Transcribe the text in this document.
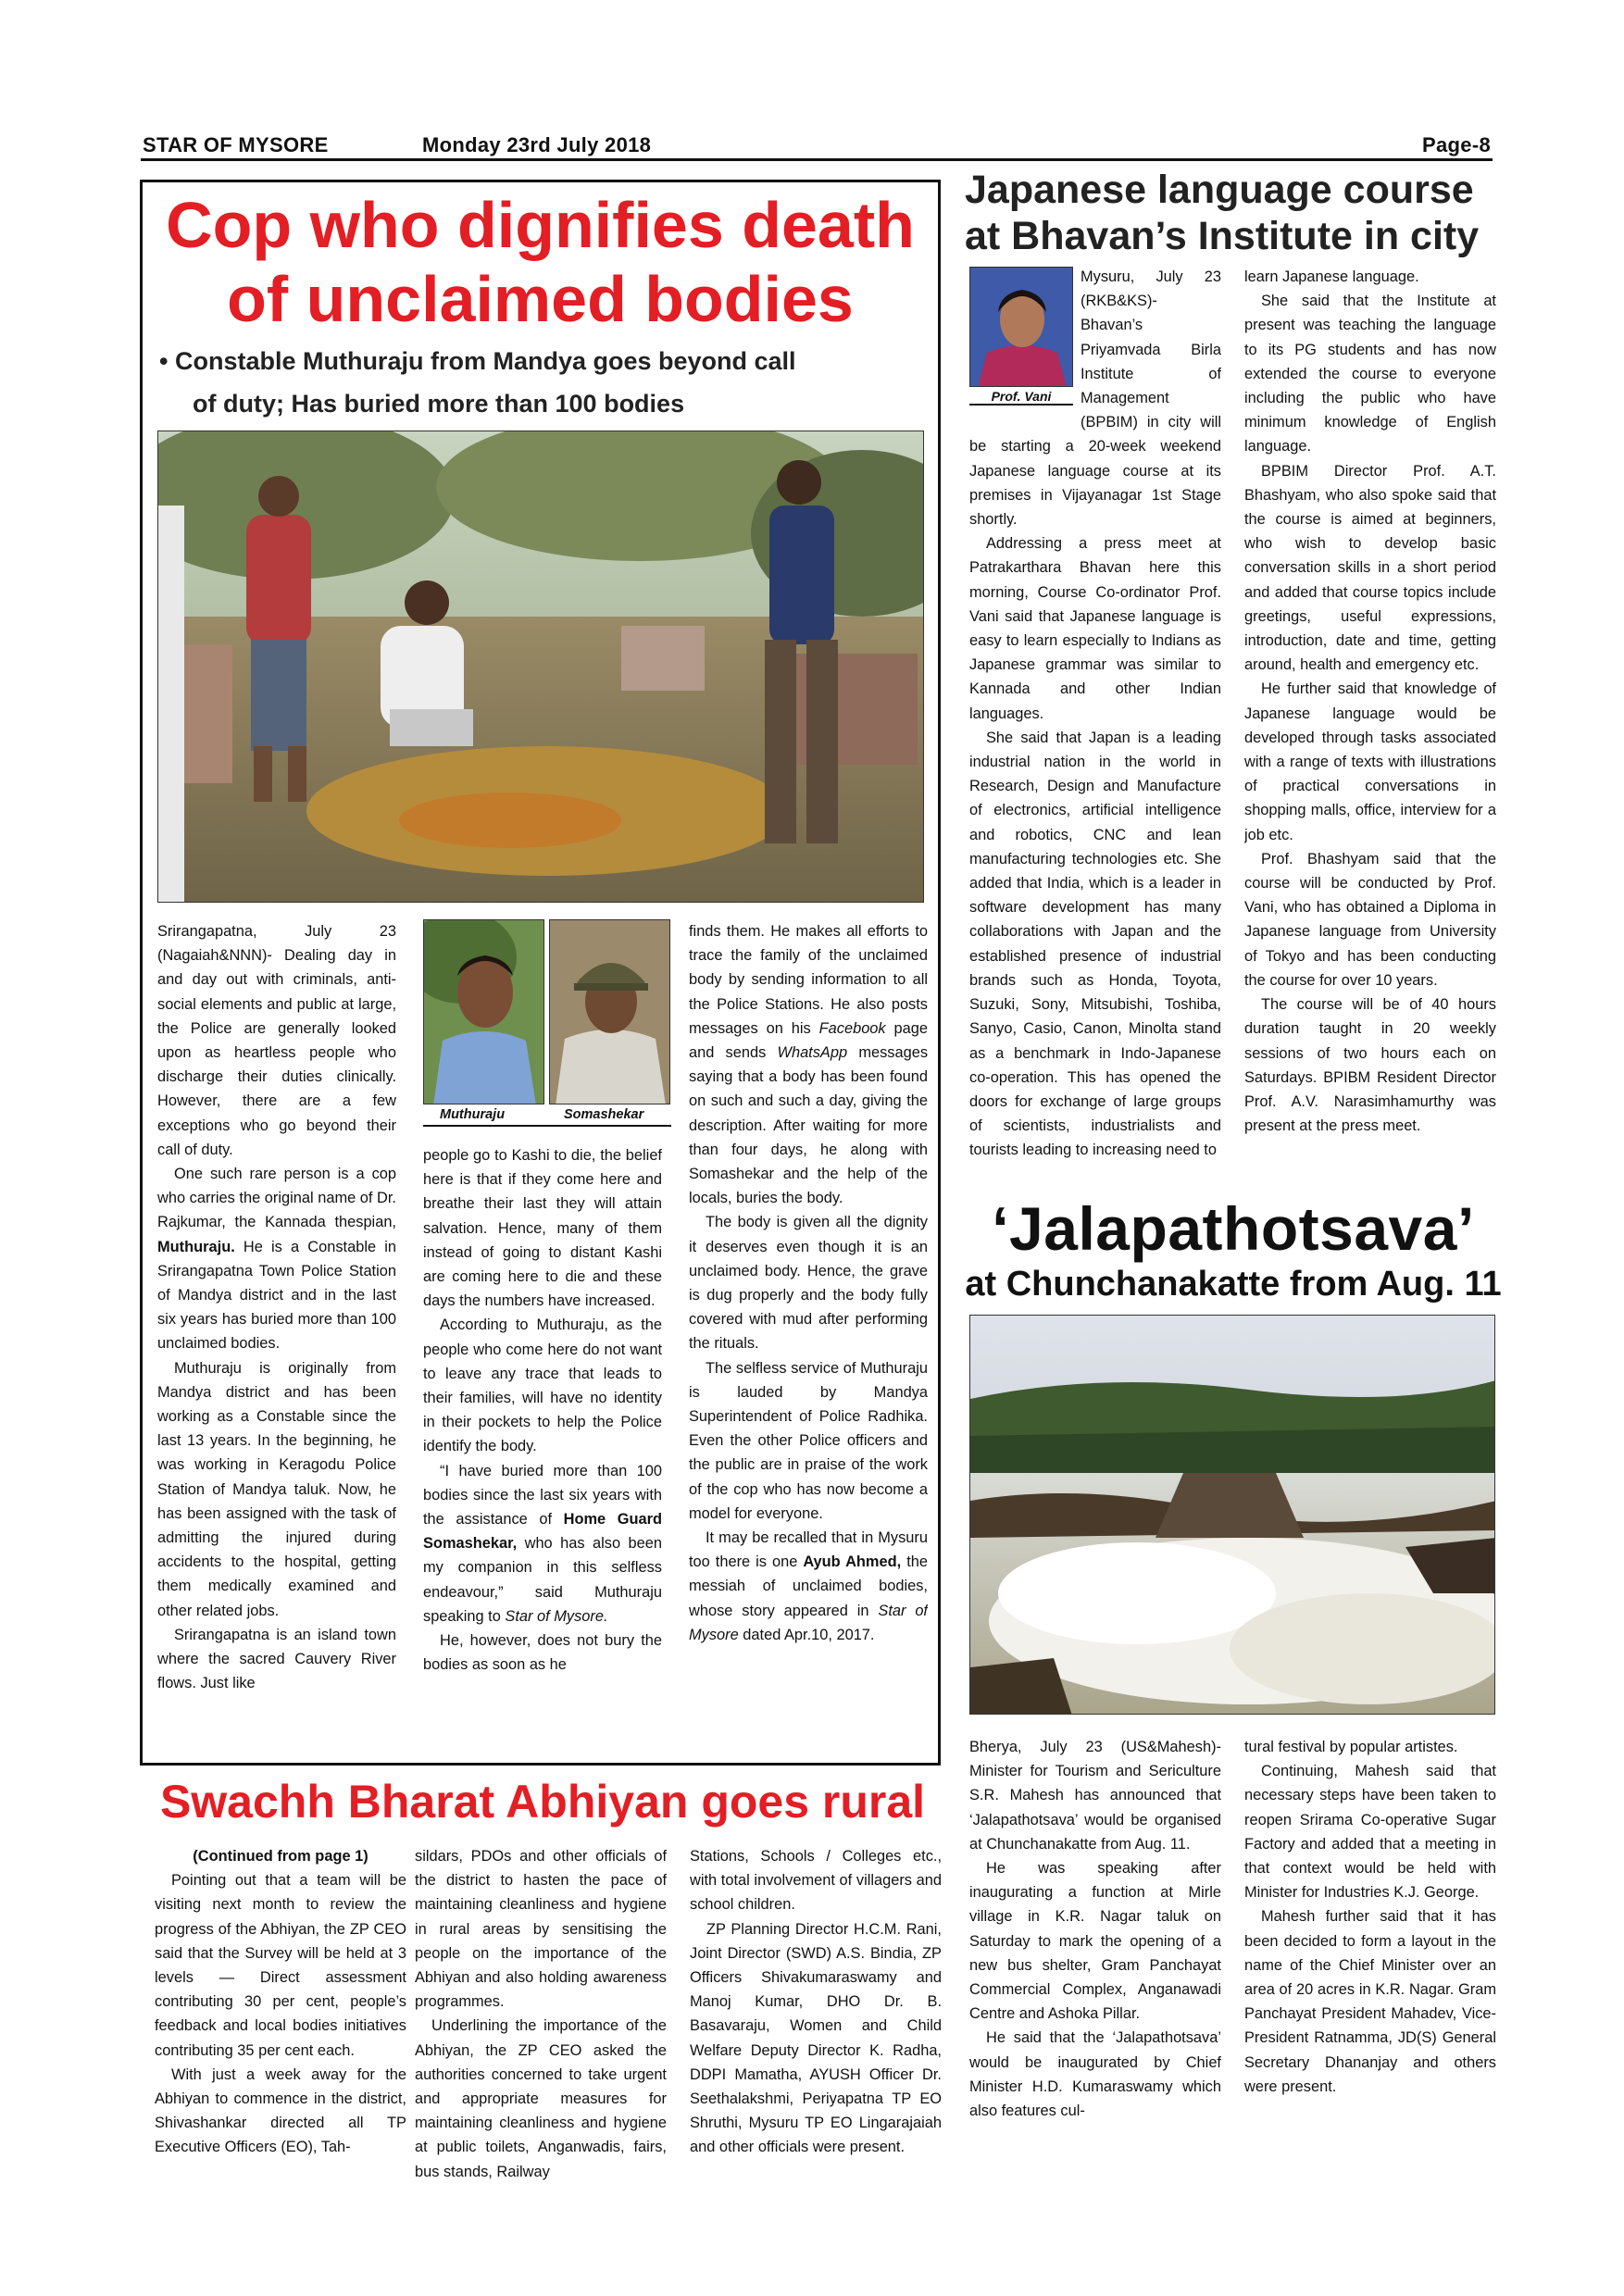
STAR OF MYSORE	Monday 23rd July 2018	Page-8
Cop who dignifies death
of unclaimed bodies
• Constable Muthuraju from Mandya goes beyond call
of duty; Has buried more than 100 bodies

Srirangapatna, July 23 (Nagaiah&NNN)- Dealing day in and day out with criminals, anti-social elements and public at large, the Police are generally looked upon as heartless people who discharge their duties clinically. However, there are a few exceptions who go beyond their call of duty.

One such rare person is a cop who carries the original name of Dr. Rajkumar, the Kannada thespian, Muthuraju. He is a Constable in Srirangapatna Town Police Station of Mandya district and in the last six years has buried more than 100 unclaimed bodies.

Muthuraju is originally from Mandya district and has been working as a Constable since the last 13 years. In the beginning, he was working in Keragodu Police Station of Mandya taluk. Now, he has been assigned with the task of admitting the injured during accidents to the hospital, getting them medically examined and other related jobs.

Srirangapatna is an island town where the sacred Cauvery River flows. Just like

Muthuraju	Somashekar

people go to Kashi to die, the belief here is that if they come here and breathe their last they will attain salvation. Hence, many of them instead of going to distant Kashi are coming here to die and these days the numbers have increased.

According to Muthuraju, as the people who come here do not want to leave any trace that leads to their families, will have no identity in their pockets to help the Police identify the body.

“I have buried more than 100 bodies since the last six years with the assistance of Home Guard Somashekar, who has also been my companion in this selfless endeavour,” said Muthuraju speaking to Star of Mysore.

He, however, does not bury the bodies as soon as he

finds them. He makes all efforts to trace the family of the unclaimed body by sending information to all the Police Stations. He also posts messages on his Facebook page and sends WhatsApp messages saying that a body has been found on such and such a day, giving the description. After waiting for more than four days, he along with Somashekar and the help of the locals, buries the body.

The body is given all the dignity it deserves even though it is an unclaimed body. Hence, the grave is dug properly and the body fully covered with mud after performing the rituals.

The selfless service of Muthuraju is lauded by Mandya Superintendent of Police Radhika. Even the other Police officers and the public are in praise of the work of the cop who has now become a model for everyone.

It may be recalled that in Mysuru too there is one Ayub Ahmed, the messiah of unclaimed bodies, whose story appeared in Star of Mysore dated Apr.10, 2017.

Japanese language course at Bhavan’s Institute in city
Prof. Vani

Mysuru, July 23 (RKB&KS)- Bhavan’s Priyamvada Birla Institute of Management (BPBIM) in city will be starting a 20-week weekend Japanese language course at its premises in Vijayanagar 1st Stage shortly.

Addressing a press meet at Patrakarthara Bhavan here this morning, Course Co-ordinator Prof. Vani said that Japanese language is easy to learn especially to Indians as Japanese grammar was similar to Kannada and other Indian languages.

She said that Japan is a leading industrial nation in the world in Research, Design and Manufacture of electronics, artificial intelligence and robotics, CNC and lean manufacturing technologies etc. She added that India, which is a leader in software development has many collaborations with Japan and the established presence of industrial brands such as Honda, Toyota, Suzuki, Sony, Mitsubishi, Toshiba, Sanyo, Casio, Canon, Minolta stand as a benchmark in Indo-Japanese co-operation. This has opened the doors for exchange of large groups of scientists, industrialists and tourists leading to increasing need to

learn Japanese language.

She said that the Institute at present was teaching the language to its PG students and has now extended the course to everyone including the public who have minimum knowledge of English language.

BPBIM Director Prof. A.T. Bhashyam, who also spoke said that the course is aimed at beginners, who wish to develop basic conversation skills in a short period and added that course topics include greetings, useful expressions, introduction, date and time, getting around, health and emergency etc.

He further said that knowledge of Japanese language would be developed through tasks associated with a range of texts with illustrations of practical conversations in shopping malls, office, interview for a job etc.

Prof. Bhashyam said that the course will be conducted by Prof. Vani, who has obtained a Diploma in Japanese language from University of Tokyo and has been conducting the course for over 10 years.

The course will be of 40 hours duration taught in 20 weekly sessions of two hours each on Saturdays. BPIBM Resident Director Prof. A.V. Narasimhamurthy was present at the press meet.

‘Jalapathotsava’
at Chunchanakatte from Aug. 11

Bherya, July 23 (US&Mahesh)- Minister for Tourism and Sericulture S.R. Mahesh has announced that ‘Jalapathotsava’ would be organised at Chunchanakatte from Aug. 11.

He was speaking after inaugurating a function at Mirle village in K.R. Nagar taluk on Saturday to mark the opening of a new bus shelter, Gram Panchayat Commercial Complex, Anganawadi Centre and Ashoka Pillar.

He said that the ‘Jalapathotsava’ would be inaugurated by Chief Minister H.D. Kumaraswamy which also features cul-

tural festival by popular artistes.

Continuing, Mahesh said that necessary steps have been taken to reopen Srirama Co-operative Sugar Factory and added that a meeting in that context would be held with Minister for Industries K.J. George.

Mahesh further said that it has been decided to form a layout in the name of the Chief Minister over an area of 20 acres in K.R. Nagar. Gram Panchayat President Mahadev, Vice-President Ratnamma, JD(S) General Secretary Dhananjay and others were present.

Swachh Bharat Abhiyan goes rural

(Continued from page 1)

Pointing out that a team will be visiting next month to review the progress of the Abhiyan, the ZP CEO said that the Survey will be held at 3 levels — Direct assessment contributing 30 per cent, people’s feedback and local bodies initiatives contributing 35 per cent each.

With just a week away for the Abhiyan to commence in the district, Shivashankar directed all TP Executive Officers (EO), Tah-

sildars, PDOs and other officials of the district to hasten the pace of maintaining cleanliness and hygiene in rural areas by sensitising the people on the importance of the Abhiyan and also holding awareness programmes.

Underlining the importance of the Abhiyan, the ZP CEO asked the authorities concerned to take urgent and appropriate measures for maintaining cleanliness and hygiene at public toilets, Anganwadis, fairs, bus stands, Railway

Stations, Schools / Colleges etc., with total involvement of villagers and school children.

ZP Planning Director H.C.M. Rani, Joint Director (SWD) A.S. Bindia, ZP Officers Shivakumaraswamy and Manoj Kumar, DHO Dr. B. Basavaraju, Women and Child Welfare Deputy Director K. Radha, DDPI Mamatha, AYUSH Officer Dr. Seethalakshmi, Periyapatna TP EO Shruthi, Mysuru TP EO Lingarajaiah and other officials were present.
